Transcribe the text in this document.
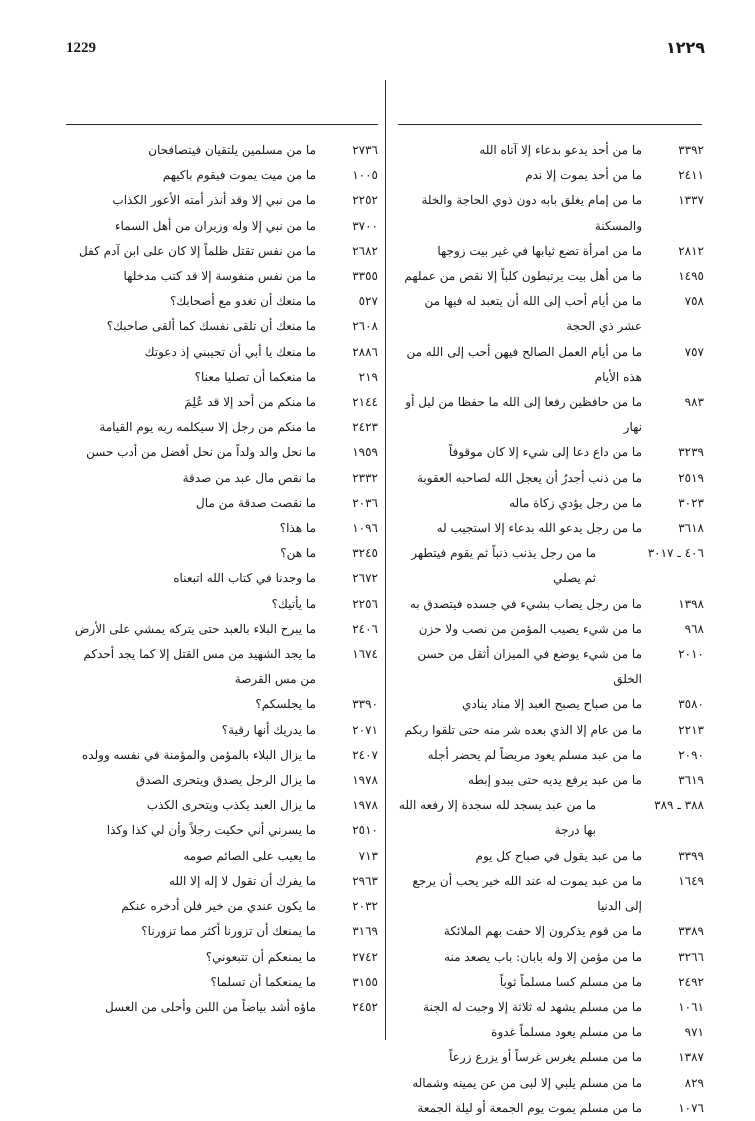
1229	١٢٢٩
٣٣٩٢
ما من أحد يدعو بدعاء إلا آتاه الله
٢٤١١
ما من أحد يموت إلا ندم
١٣٣٧
ما من إمام يغلق بابه دون ذوي الحاجة والخلة والمسكنة
٢٨١٢
ما من امرأة تضع ثيابها في غير بيت زوجها
١٤٩٥
ما من أهل بيت يرتبطون كلباً إلا نقص من عملهم
٧٥٨
ما من أيام أحب إلى الله أن يتعبد له فيها من عشر ذي الحجة
٧٥٧
ما من أيام العمل الصالح فيهن أحب إلى الله من هذه الأيام
٩٨٣
ما من حافظين رفعا إلى الله ما حفظا من ليل أو نهار
٣٢٣٩
ما من داع دعا إلى شيء إلا كان موقوفاً
٢٥١٩
ما من ذنب أجدرُ أن يعجل الله لصاحبه العقوبة
٣٠٢٣
ما من رجل يؤدي زكاة ماله
٣٦١٨
ما من رجل يدعو الله بدعاء إلا استجيب له
٤٠٦ ـ ٣٠١٧
ما من رجل يذنب ذنباً ثم يقوم فيتطهر ثم يصلي
١٣٩٨
ما من رجل يصاب بشيء في جسده فيتصدق به
٩٦٨
ما من شيء يصيب المؤمن من نصب ولا حزن
٢٠١٠
ما من شيء يوضع في الميزان أثقل من حسن الخلق
٣٥٨٠
ما من صباح يصبح العبد إلا مناد ينادي
٢٢١٣
ما من عام إلا الذي بعده شر منه حتى تلقوا ربكم
٢٠٩٠
ما من عبد مسلم يعود مريضاً لم يحضر أجله
٣٦١٩
ما من عبد يرفع يديه حتى يبدو إبطه
٣٨٨ ـ ٣٨٩
ما من عبد يسجد لله سجدة إلا رفعه الله بها درجة
٣٣٩٩
ما من عبد يقول في صباح كل يوم
١٦٤٩
ما من عبد يموت له عند الله خير يحب أن يرجع إلى الدنيا
٣٣٨٩
ما من قوم يذكرون إلا حفت بهم الملائكة
٣٢٦٦
ما من مؤمن إلا وله بابان: باب يصعد منه
٢٤٩٢
ما من مسلم كسا مسلماً ثوباً
١٠٦١
ما من مسلم يشهد له ثلاثة إلا وجبت له الجنة
٩٧١
ما من مسلم يعود مسلماً غدوة
١٣٨٧
ما من مسلم يغرس غرساً أو يزرع زرعاً
٨٢٩
ما من مسلم يلبي إلا لبى من عن يمينه وشماله
١٠٧٦
ما من مسلم يموت يوم الجمعة أو ليلة الجمعة
٢٧٣٦
ما من مسلمين يلتقيان فيتصافحان
١٠٠٥
ما من ميت يموت فيقوم باكيهم
٢٢٥٢
ما من نبي إلا وقد أنذر أمته الأعور الكذاب
٣٧٠٠
ما من نبي إلا وله وزيران من أهل السماء
٢٦٨٢
ما من نفس تقتل ظلماً إلا كان على ابن آدم كفل
٣٣٥٥
ما من نفس منفوسة إلا قد كتب مدخلها
٥٢٧
ما منعك أن تغدو مع أصحابك؟
٢٦٠٨
ما منعك أن تلقى نفسك كما ألقى صاحبك؟
٢٨٨٦
ما منعك يا أبي أن تجيبني إذ دعوتك
٢١٩
ما منعكما أن تصليا معنا؟
٢١٤٤
ما منكم من أحد إلا قد عُلِمَ
٢٤٢٣
ما منكم من رجل إلا سيكلمه ربه يوم القيامة
١٩٥٩
ما نحل والد ولداً من نحل أفضل من أدب حسن
٢٣٣٢
ما نقص مال عبد من صدقة
٢٠٣٦
ما نقصت صدقة من مال
١٠٩٦
ما هذا؟
٣٢٤٥
ما هن؟
٢٦٧٢
ما وجدنا في كتاب الله اتبعناه
٢٢٥٦
ما يأتيك؟
٢٤٠٦
ما يبرح البلاء بالعبد حتى يتركه يمشي على الأرض
١٦٧٤
ما يجد الشهيد من مس القتل إلا كما يجد أحدكم من مس القرصة
٣٣٩٠
ما يجلسكم؟
٢٠٧١
ما يدريك أنها رقية؟
٢٤٠٧
ما يزال البلاء بالمؤمن والمؤمنة في نفسه وولده
١٩٧٨
ما يزال الرجل يصدق ويتحرى الصدق
١٩٧٨
ما يزال العبد يكذب ويتحرى الكذب
٢٥١٠
ما يسرني أني حكيت رجلاً وأن لي كذا وكذا
٧١٣
ما يعيب على الصائم صومه
٢٩٦٣
ما يفرك أن تقول لا إله إلا الله
٢٠٣٢
ما يكون عندي من خير فلن أدخره عنكم
٣١٦٩
ما يمنعك أن تزورنا أكثر مما تزورنا؟
٢٧٤٢
ما يمنعكم أن تتبعوني؟
٣١٥٥
ما يمنعكما أن تسلما؟
٢٤٥٢
ماؤه أشد بياضاً من اللبن وأحلى من العسل
